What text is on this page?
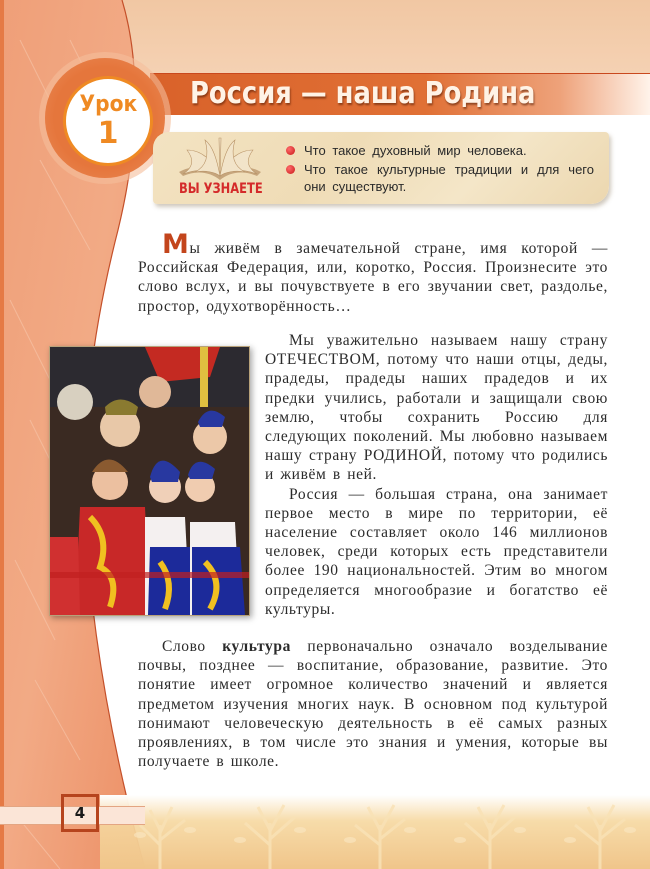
Россия — наша Родина
Урок
1
ВЫ УЗНАЕТЕ
Что такое духовный мир человека.
Что такое культурные традиции и для чего они существуют.

Мы живём в замечательной стране, имя которой — Российская Федерация, или, коротко, Россия. Произнесите это слово вслух, и вы почувствуете в его звучании свет, раздолье, простор, одухотворённость…

Мы уважительно называем нашу страну ОТЕЧЕСТВОМ, потому что наши отцы, деды, прадеды, прадеды наших прадедов и их предки учились, работали и защищали свою землю, чтобы сохранить Россию для следующих поколений. Мы любовно называем нашу страну РОДИНОЙ, потому что родились и живём в ней.

Россия — большая страна, она занимает первое место в мире по территории, её население составляет около 146 миллионов человек, среди которых есть представители более 190 национальностей. Этим во многом определяется многообразие и богатство её культуры.

Слово культура первоначально означало возделывание почвы, позднее — воспитание, образование, развитие. Это понятие имеет огромное количество значений и является предметом изучения многих наук. В основном под культурой понимают человеческую деятельность в её самых разных проявлениях, в том числе это знания и умения, которые вы получаете в школе.

4
